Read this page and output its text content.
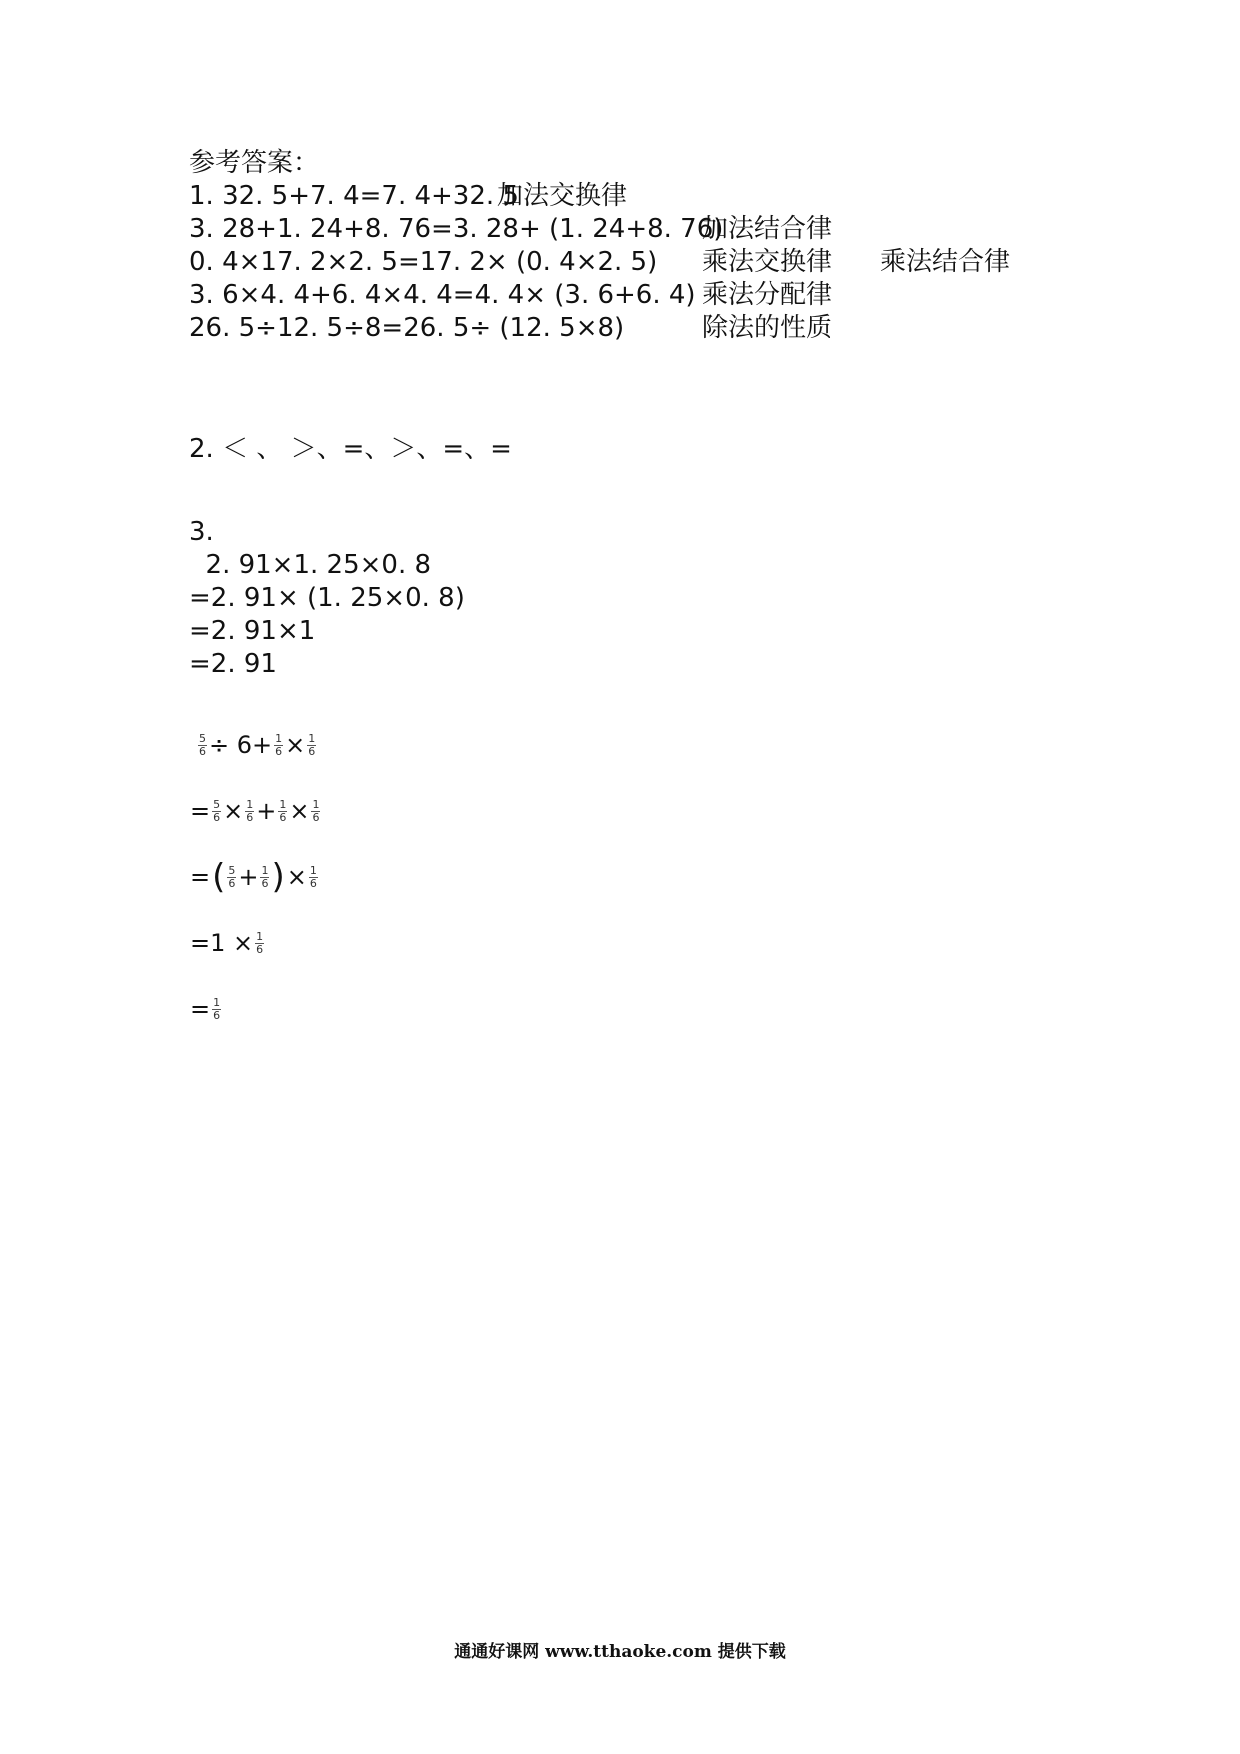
参考答案：
1. 32. 5+7. 4=7. 4+32. 5
加法交换律
3. 28+1. 24+8. 76=3. 28+ (1. 24+8. 76)
加法结合律
0. 4×17. 2×2. 5=17. 2× (0. 4×2. 5) 乘法交换律 乘法结合律
3. 6×4. 4+6. 4×4. 4=4. 4× (3. 6+6. 4) 乘法分配律
26. 5÷12. 5÷8=26. 5÷ (12. 5×8)	除法的性质
2. ＜ 、 ＞、=、＞、=、=
3.
2. 91×1. 25×0. 8
=2. 91× (1. 25×0. 8)
=2. 91×1
=2. 91
$\frac{5}{6} \div 6+ \frac{1}{6} \times \frac{1}{6}$
= $\frac{5}{6} \times \frac{1}{6} + \frac{1}{6} \times \frac{1}{6}$
= ( $\frac{5}{6} + \frac{1}{6}$ ) × $\frac{1}{6}$
$=1 \times \frac{1}{6}$
= $\frac{1}{6}$
通通好课网 www.tthaoke.com 提供下载
